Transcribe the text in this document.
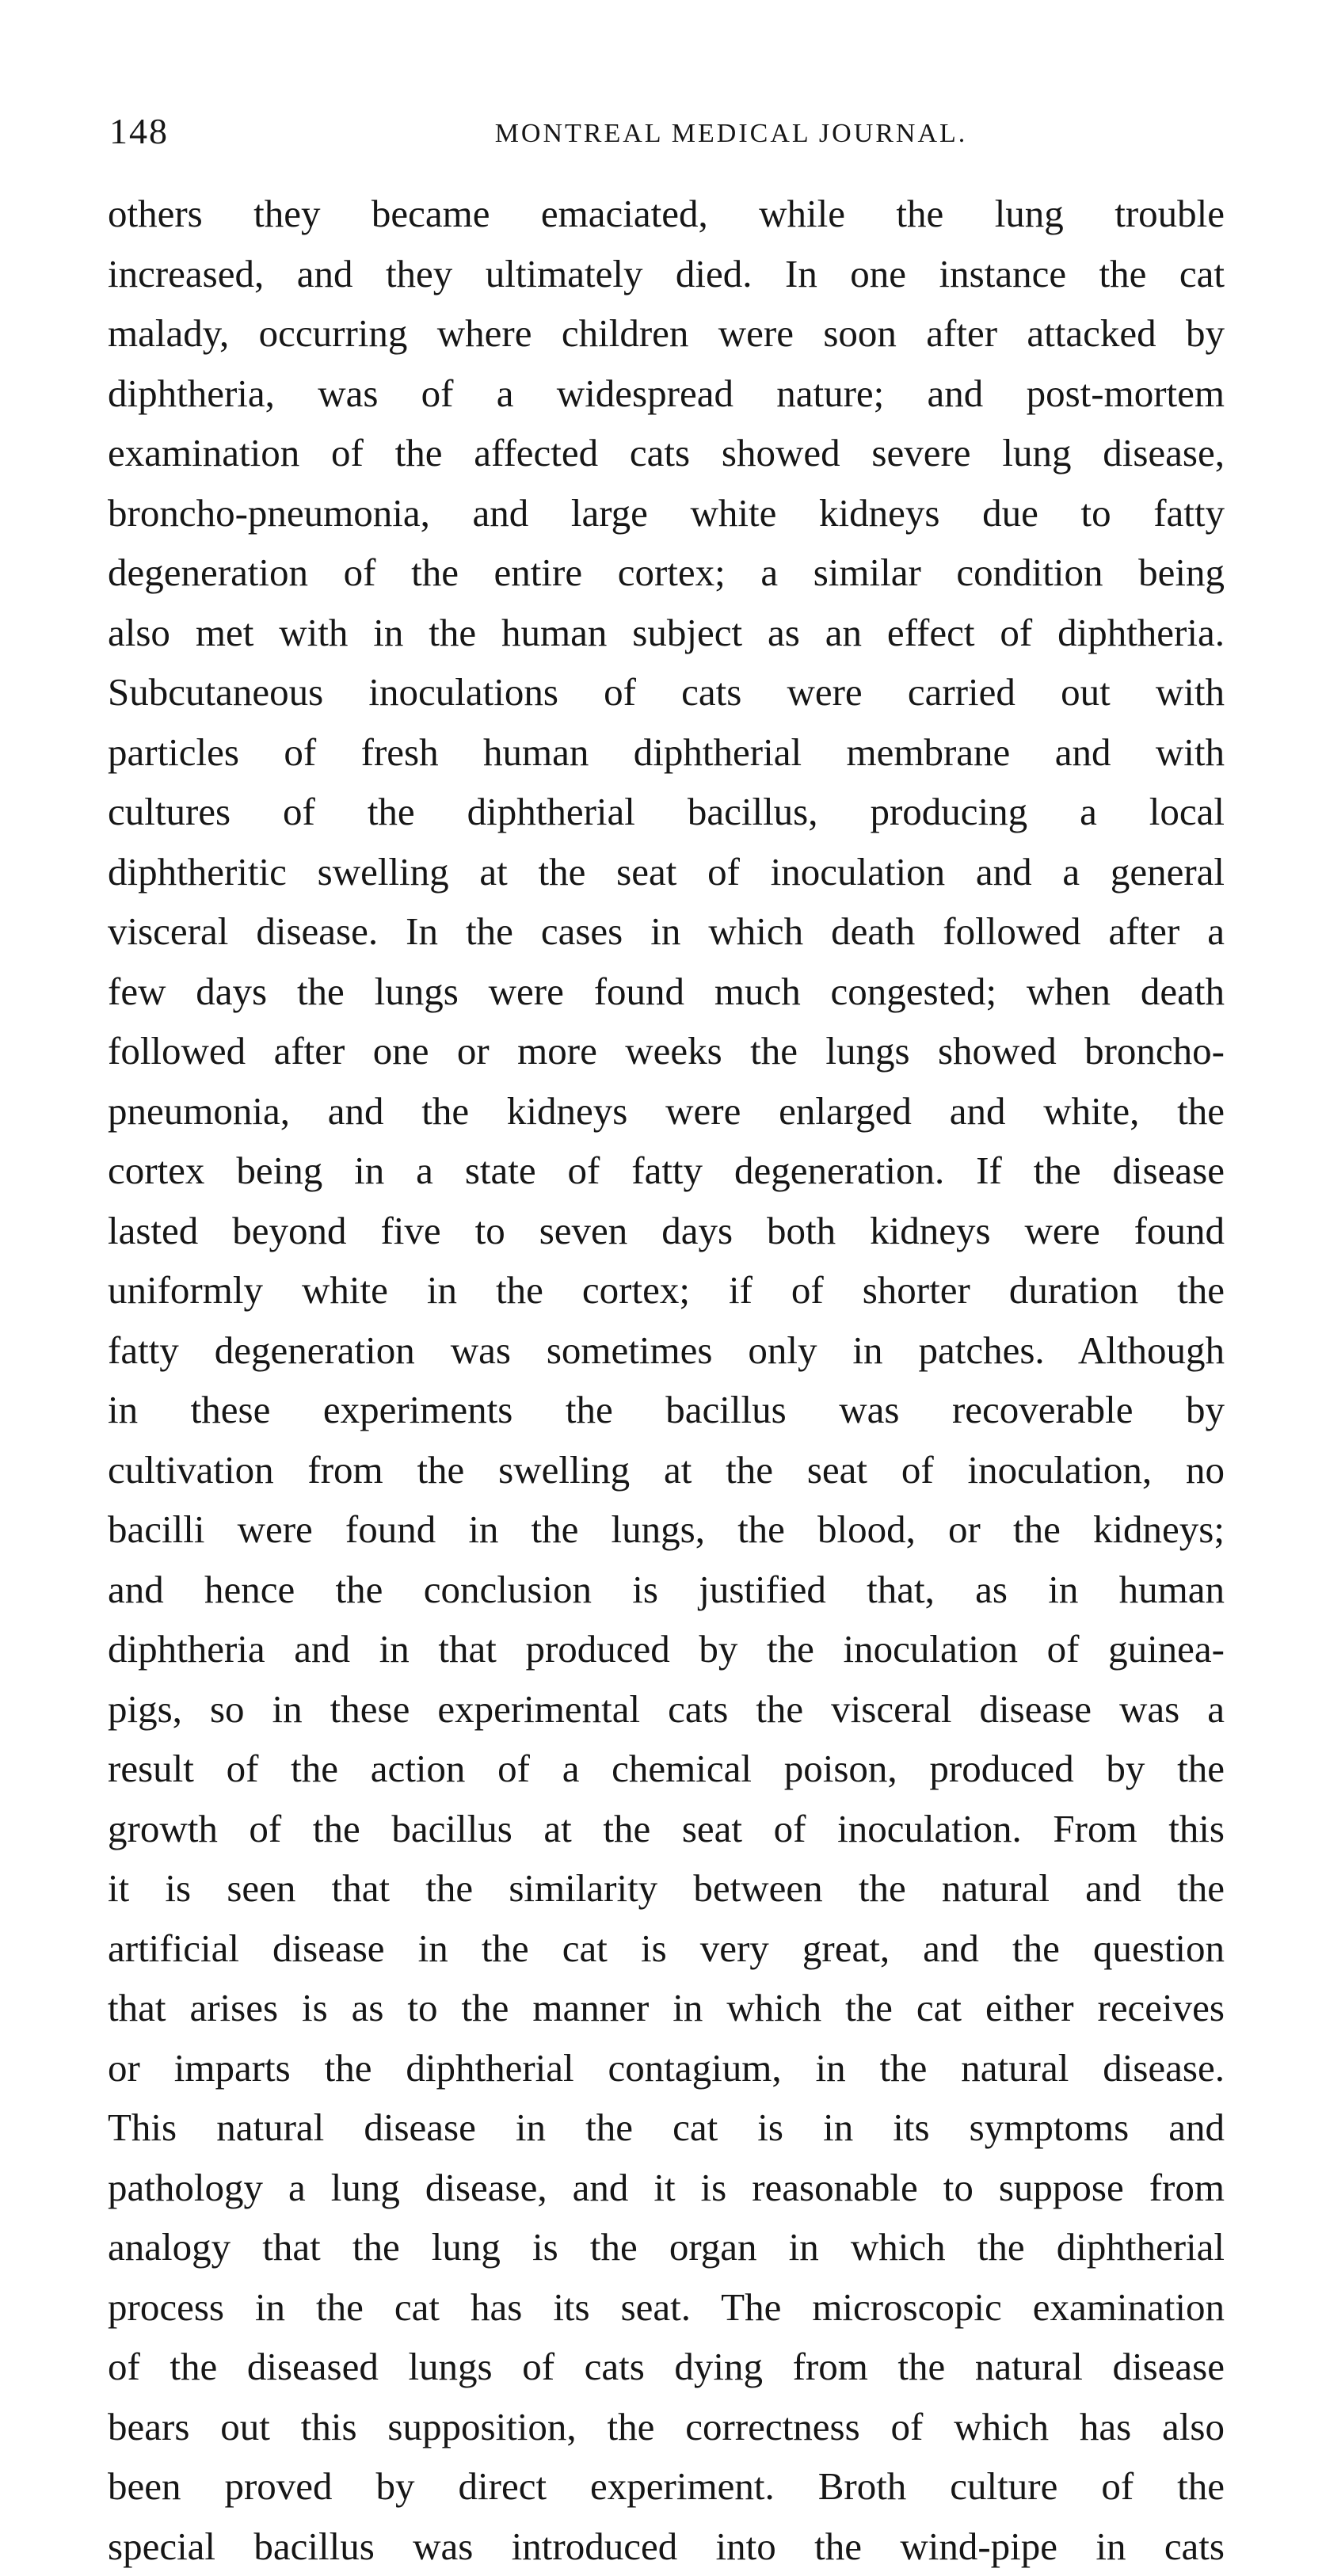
148	MONTREAL MEDICAL JOURNAL.
others they became emaciated, while the lung trouble
increased, and they ultimately died. In one instance the cat
malady, occurring where children were soon after attacked by
diphtheria, was of a widespread nature; and post-mortem
examination of the affected cats showed severe lung disease,
broncho-pneumonia, and large white kidneys due to fatty
degeneration of the entire cortex; a similar condition being
also met with in the human subject as an effect of diphtheria.
Subcutaneous inoculations of cats were carried out with
particles of fresh human diphtherial membrane and with
cultures of the diphtherial bacillus, producing a local
diphtheritic swelling at the seat of inoculation and a general
visceral disease. In the cases in which death followed after a
few days the lungs were found much congested; when death
followed after one or more weeks the lungs showed broncho-
pneumonia, and the kidneys were enlarged and white, the
cortex being in a state of fatty degeneration. If the disease
lasted beyond five to seven days both kidneys were found
uniformly white in the cortex; if of shorter duration the
fatty degeneration was sometimes only in patches. Although
in these experiments the bacillus was recoverable by
cultivation from the swelling at the seat of inoculation, no
bacilli were found in the lungs, the blood, or the kidneys;
and hence the conclusion is justified that, as in human
diphtheria and in that produced by the inoculation of guinea-
pigs, so in these experimental cats the visceral disease was a
result of the action of a chemical poison, produced by the
growth of the bacillus at the seat of inoculation. From this
it is seen that the similarity between the natural and the
artificial disease in the cat is very great, and the question
that arises is as to the manner in which the cat either receives
or imparts the diphtherial contagium, in the natural disease.
This natural disease in the cat is in its symptoms and
pathology a lung disease, and it is reasonable to suppose from
analogy that the lung is the organ in which the diphtherial
process in the cat has its seat. The microscopic examination
of the diseased lungs of cats dying from the natural disease
bears out this supposition, the correctness of which has also
been proved by direct experiment. Broth culture of the
special bacillus was introduced into the wind-pipe in cats
